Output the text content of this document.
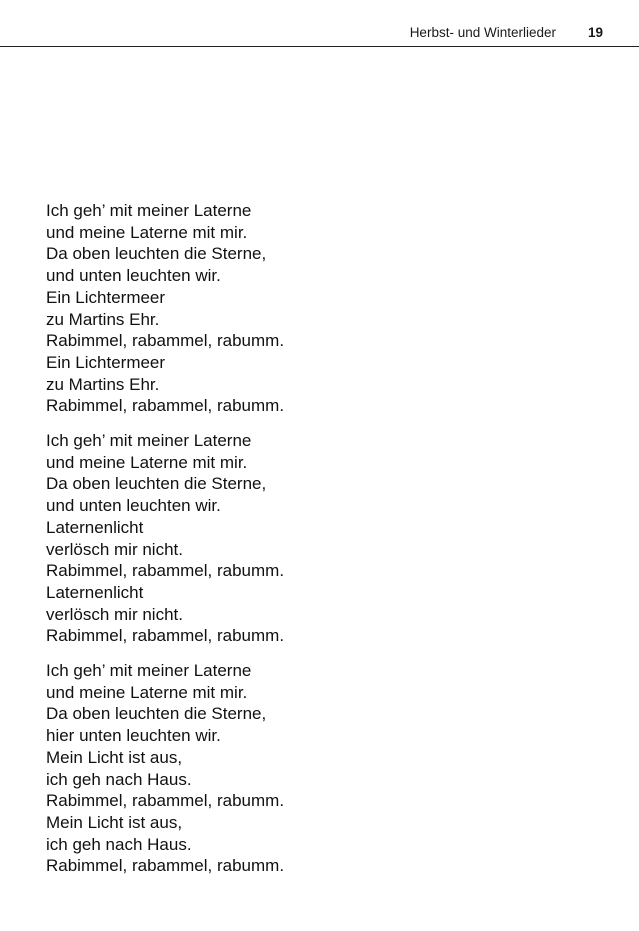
Herbst- und Winterlieder 19
Ich geh’ mit meiner Laterne
und meine Laterne mit mir.
Da oben leuchten die Sterne,
und unten leuchten wir.
Ein Lichtermeer
zu Martins Ehr.
Rabimmel, rabammel, rabumm.
Ein Lichtermeer
zu Martins Ehr.
Rabimmel, rabammel, rabumm.
Ich geh’ mit meiner Laterne
und meine Laterne mit mir.
Da oben leuchten die Sterne,
und unten leuchten wir.
Laternenlicht
verlösch mir nicht.
Rabimmel, rabammel, rabumm.
Laternenlicht
verlösch mir nicht.
Rabimmel, rabammel, rabumm.
Ich geh’ mit meiner Laterne
und meine Laterne mit mir.
Da oben leuchten die Sterne,
hier unten leuchten wir.
Mein Licht ist aus,
ich geh nach Haus.
Rabimmel, rabammel, rabumm.
Mein Licht ist aus,
ich geh nach Haus.
Rabimmel, rabammel, rabumm.
